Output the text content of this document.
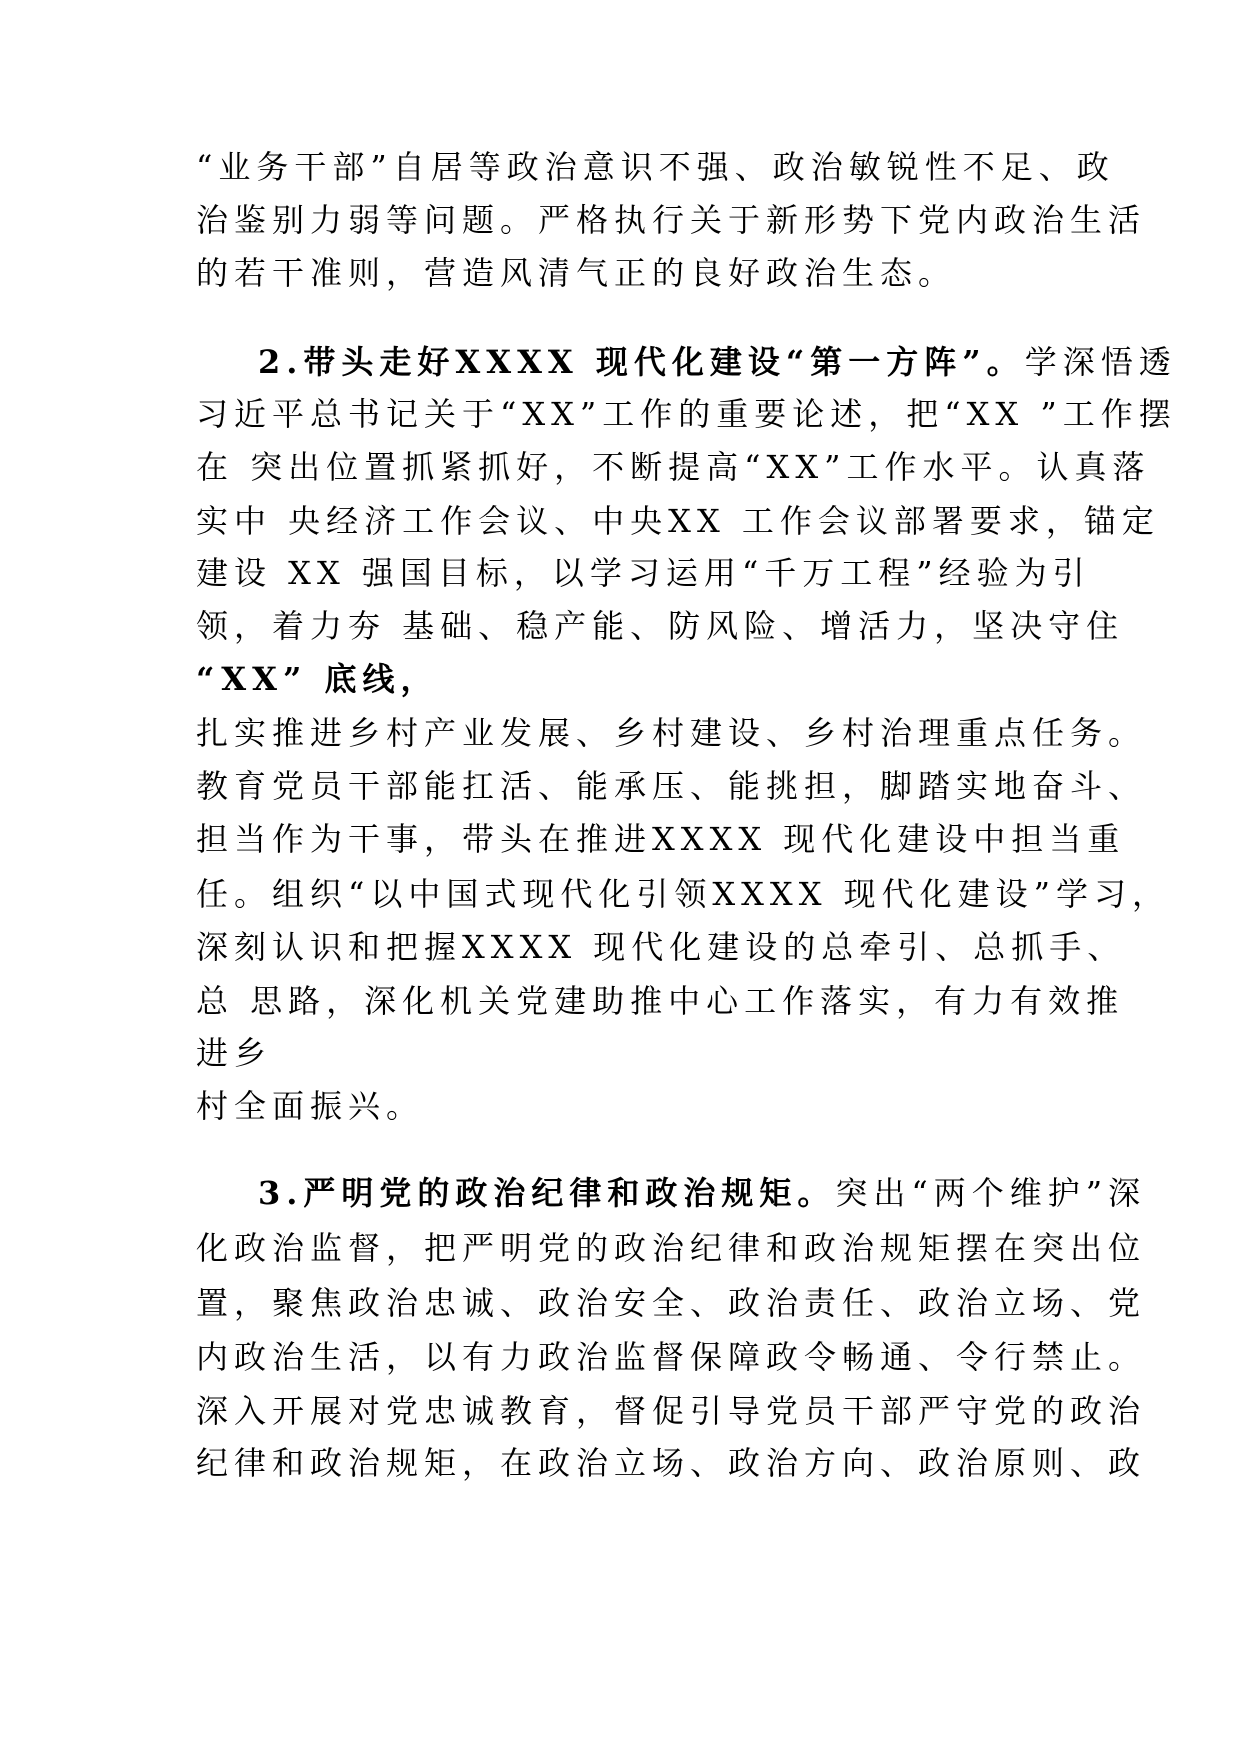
“业务干部”自居等政治意识不强、政治敏锐性不足、政

治鉴别力弱等问题。严格执行关于新形势下党内政治生活

的若干准则，营造风清气正的良好政治生态。

2.带头走好XXXX 现代化建设“第一方阵”。学深悟透

习近平总书记关于“XX”工作的重要论述，把“XX ”工作摆

在 突出位置抓紧抓好，不断提高“XX”工作水平。认真落

实中 央经济工作会议、中央XX 工作会议部署要求，锚定

建设 XX 强国目标，以学习运用“千万工程”经验为引

领，着力夯 基础、稳产能、防风险、增活力，坚决守住

“XX” 底线，

扎实推进乡村产业发展、乡村建设、乡村治理重点任务。

教育党员干部能扛活、能承压、能挑担，脚踏实地奋斗、

担当作为干事，带头在推进XXXX 现代化建设中担当重

任。组织“以中国式现代化引领XXXX 现代化建设”学习，

深刻认识和把握XXXX 现代化建设的总牵引、总抓手、

总 思路，深化机关党建助推中心工作落实，有力有效推

进乡

村全面振兴。

3.严明党的政治纪律和政治规矩。突出“两个维护”深

化政治监督，把严明党的政治纪律和政治规矩摆在突出位

置，聚焦政治忠诚、政治安全、政治责任、政治立场、党

内政治生活，以有力政治监督保障政令畅通、令行禁止。

深入开展对党忠诚教育，督促引导党员干部严守党的政治

纪律和政治规矩，在政治立场、政治方向、政治原则、政
